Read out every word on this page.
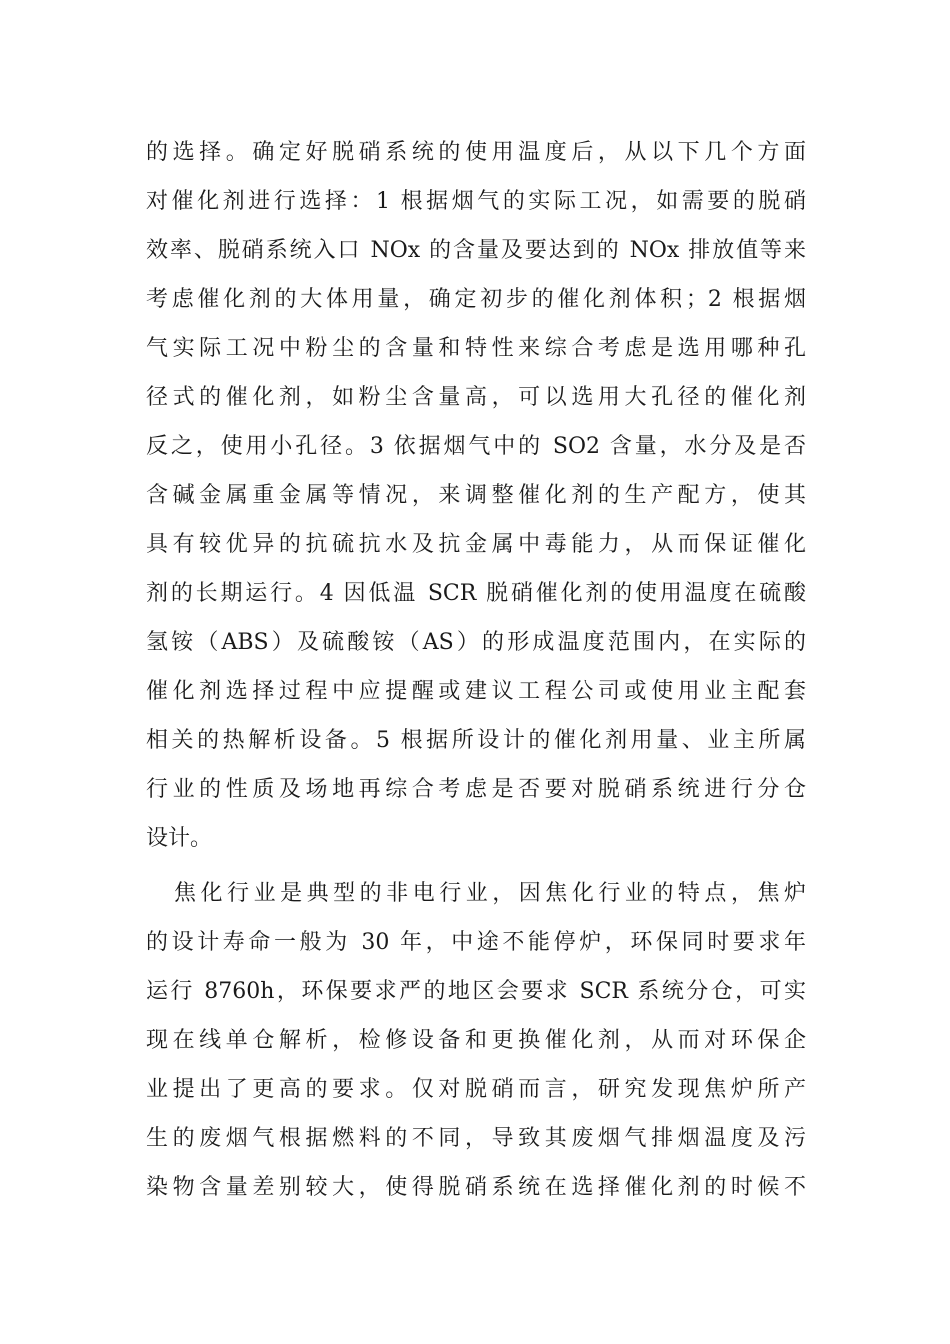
的选择。确定好脱硝系统的使用温度后，从以下几个方面
对催化剂进行选择：1 根据烟气的实际工况，如需要的脱硝
效率、脱硝系统入口 NOx 的含量及要达到的 NOx 排放值等来
考虑催化剂的大体用量，确定初步的催化剂体积；2 根据烟
气实际工况中粉尘的含量和特性来综合考虑是选用哪种孔
径式的催化剂，如粉尘含量高，可以选用大孔径的催化剂
反之，使用小孔径。3 依据烟气中的 SO2 含量，水分及是否
含碱金属重金属等情况，来调整催化剂的生产配方，使其
具有较优异的抗硫抗水及抗金属中毒能力，从而保证催化
剂的长期运行。4 因低温 SCR 脱硝催化剂的使用温度在硫酸
氢铵（ABS）及硫酸铵（AS）的形成温度范围内，在实际的
催化剂选择过程中应提醒或建议工程公司或使用业主配套
相关的热解析设备。5 根据所设计的催化剂用量、业主所属
行业的性质及场地再综合考虑是否要对脱硝系统进行分仓
设计。
焦化行业是典型的非电行业，因焦化行业的特点，焦炉
的设计寿命一般为 30 年，中途不能停炉，环保同时要求年
运行 8760h，环保要求严的地区会要求 SCR 系统分仓，可实
现在线单仓解析，检修设备和更换催化剂，从而对环保企
业提出了更高的要求。仅对脱硝而言，研究发现焦炉所产
生的废烟气根据燃料的不同，导致其废烟气排烟温度及污
染物含量差别较大，使得脱硝系统在选择催化剂的时候不
